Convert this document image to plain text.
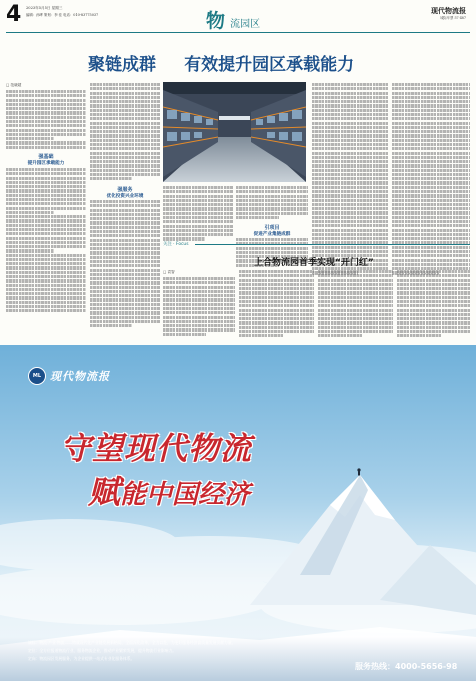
4 2023年5月5日 星期三
编辑：孙晔 策划：李 佳 电话：010-83775037	物 流园区
现代物流报
城际车票 57·487
聚链成群 有效提升园区承载能力
□ 范晓超
强基础
提升园区承载能力
强服务
优化投资兴业环境
引项目
促进产业集链成群
关注 · Focus
上合物流园首季实现“开门红”
□ 袁智
ML 现代物流报
守望现代物流
赋能中国经济
城际：物流·产业·物流——铸就现代化产业链发展新格局，全面深化改革，全力以赴，为更好服务经济高质量发展贡献力量。
定位：全方位报道物流行业，服务物流企业，推动产业繁荣发展，提升物流行业影响力。
定向：物流园区发展服务，为企业提供一站式专业化服务体系。
服务热线：4000-5656-98
